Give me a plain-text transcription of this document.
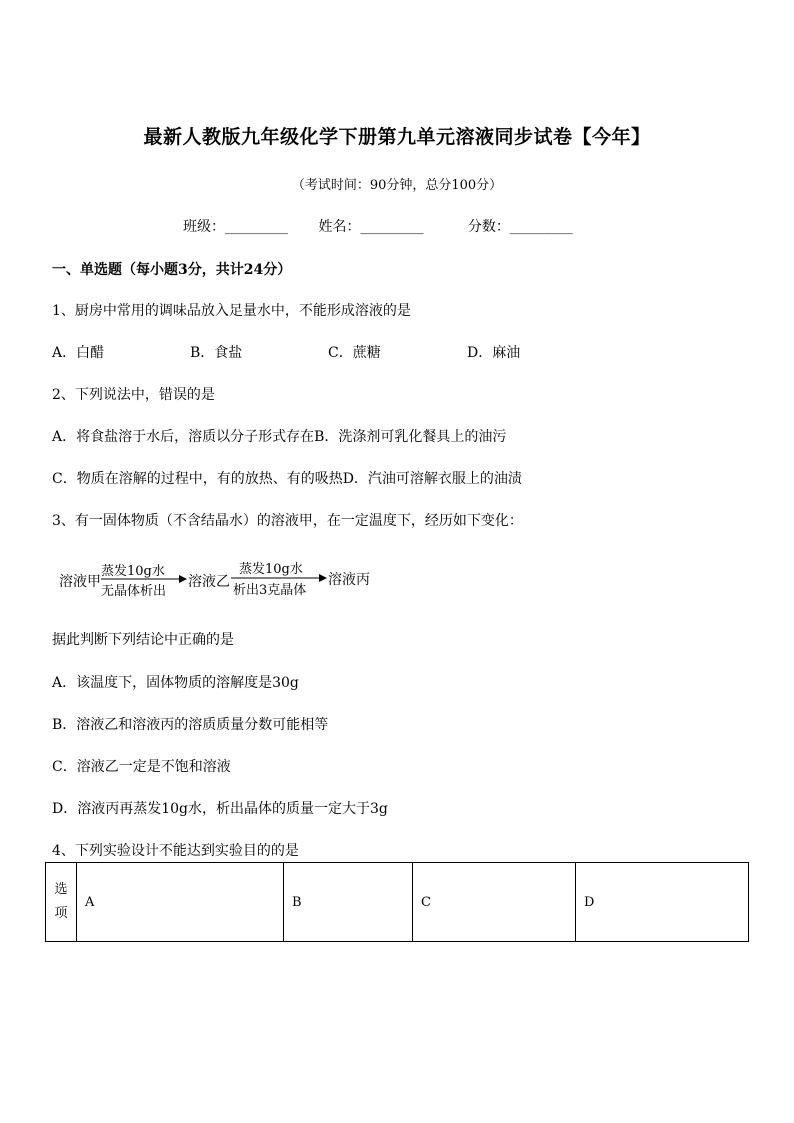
最新人教版九年级化学下册第九单元溶液同步试卷【今年】
（考试时间：90分钟，总分100分）
班级：_________ 姓名：_________	分数：_________
一、单选题（每小题3分，共计24分）
1、厨房中常用的调味品放入足量水中，不能形成溶液的是
A．白醋	B．食盐	C．蔗糖	D．麻油
2、下列说法中，错误的是
A．将食盐溶于水后，溶质以分子形式存在B．洗涤剂可乳化餐具上的油污
C．物质在溶解的过程中，有的放热、有的吸热D．汽油可溶解衣服上的油渍
3、有一固体物质（不含结晶水）的溶液甲，在一定温度下，经历如下变化：
溶液甲
蒸发10g水
无晶体析出
溶液乙
蒸发10g水
析出3克晶体
溶液丙
据此判断下列结论中正确的是
A．该温度下，固体物质的溶解度是30g
B．溶液乙和溶液丙的溶质质量分数可能相等
C．溶液乙一定是不饱和溶液
D．溶液丙再蒸发10g水，析出晶体的质量一定大于3g
4、下列实验设计不能达到实验目的的是
选
项
	A	B	C	D
